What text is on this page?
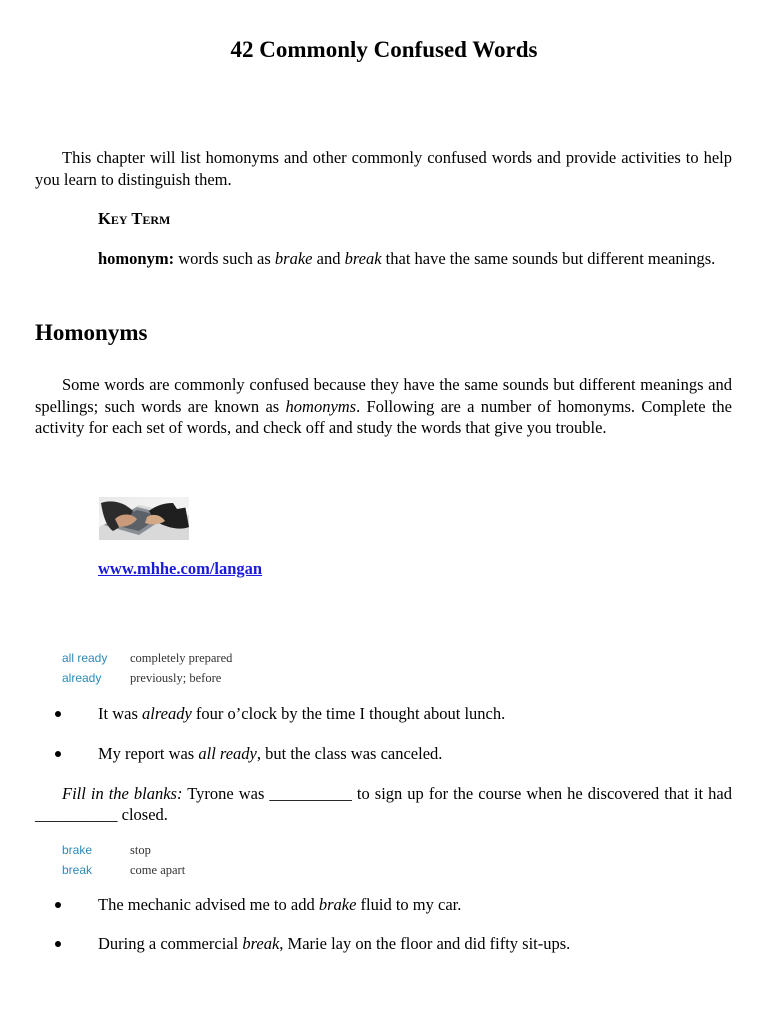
42 Commonly Confused Words

This chapter will list homonyms and other commonly confused words and provide activities to help you learn to distinguish them.

Key Term

homonym: words such as brake and break that have the same sounds but different meanings.

Homonyms

Some words are commonly confused because they have the same sounds but different meanings and spellings; such words are known as homonyms. Following are a number of homonyms. Complete the activity for each set of words, and check off and study the words that give you trouble.

www.mhhe.com/langan
all ready	completely prepared
already	previously; before
It was already four o’clock by the time I thought about lunch.
My report was all ready, but the class was canceled.

Fill in the blanks: Tyrone was __________ to sign up for the course when he discovered that it had __________ closed.

brake	stop
break	come apart
The mechanic advised me to add brake fluid to my car.
During a commercial break, Marie lay on the floor and did fifty sit-ups.
